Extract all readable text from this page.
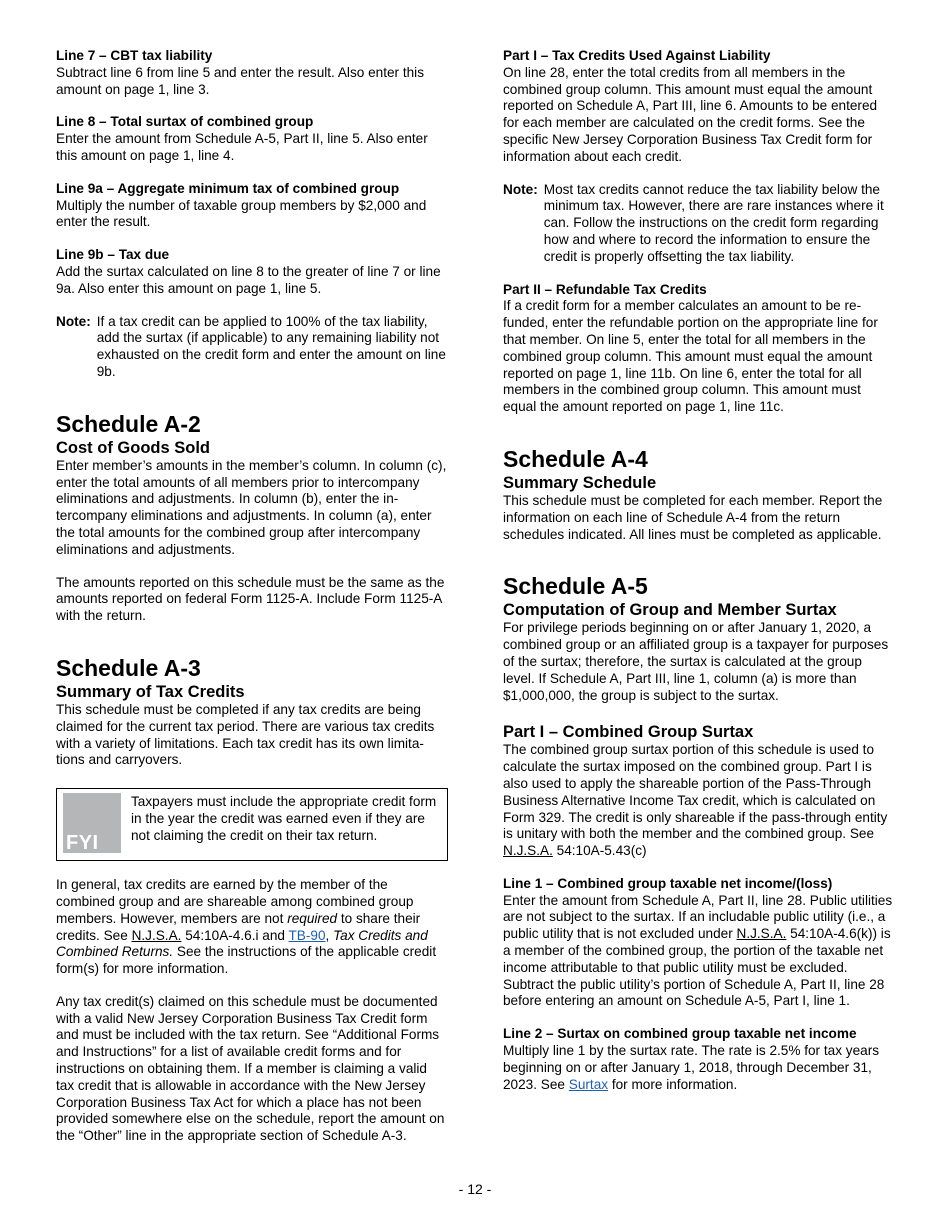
Line 7 – CBT tax liability

Subtract line 6 from line 5 and enter the result. Also enter this amount on page 1, line 3.

Line 8 – Total surtax of combined group

Enter the amount from Schedule A-5, Part II, line 5. Also enter this amount on page 1, line 4.

Line 9a – Aggregate minimum tax of combined group

Multiply the number of taxable group members by $2,000 and enter the result.

Line 9b – Tax due

Add the surtax calculated on line 8 to the greater of line 7 or line 9a. Also enter this amount on page 1, line 5.

Note: If a tax credit can be applied to 100% of the tax liability, add the surtax (if applicable) to any remaining liability not exhausted on the credit form and enter the amount on line 9b.
Schedule A-2
Cost of Goods Sold

Enter member’s amounts in the member’s column. In column (c), enter the total amounts of all members prior to intercompany eliminations and adjustments. In column (b), enter the intercompany eliminations and adjustments. In column (a), enter the total amounts for the combined group after intercompany eliminations and adjustments.

The amounts reported on this schedule must be the same as the amounts reported on federal Form 1125-A. Include Form 1125-A with the return.

Schedule A-3
Summary of Tax Credits

This schedule must be completed if any tax credits are being claimed for the current tax period. There are various tax credits with a variety of limitations. Each tax credit has its own limitations and carryovers.

FYI
Taxpayers must include the appropriate credit form in the year the credit was earned even if they are not claiming the credit on their tax return.

In general, tax credits are earned by the member of the combined group and are shareable among combined group members. However, members are not required to share their credits. See N.J.S.A. 54:10A-4.6.i and TB-90, Tax Credits and Combined Returns. See the instructions of the applicable credit form(s) for more information.

Any tax credit(s) claimed on this schedule must be documented with a valid New Jersey Corporation Business Tax Credit form and must be included with the tax return. See “Additional Forms and Instructions” for a list of available credit forms and for instructions on obtaining them. If a member is claiming a valid tax credit that is allowable in accordance with the New Jersey Corporation Business Tax Act for which a place has not been provided somewhere else on the schedule, report the amount on the “Other” line in the appropriate section of Schedule A-3.

Part I – Tax Credits Used Against Liability

On line 28, enter the total credits from all members in the combined group column. This amount must equal the amount reported on Schedule A, Part III, line 6. Amounts to be entered for each member are calculated on the credit forms. See the specific New Jersey Corporation Business Tax Credit form for information about each credit.

Note: Most tax credits cannot reduce the tax liability below the minimum tax. However, there are rare instances where it can. Follow the instructions on the credit form regarding how and where to record the information to ensure the credit is properly offsetting the tax liability.

Part II – Refundable Tax Credits

If a credit form for a member calculates an amount to be refunded, enter the refundable portion on the appropriate line for that member. On line 5, enter the total for all members in the combined group column. This amount must equal the amount reported on page 1, line 11b. On line 6, enter the total for all members in the combined group column. This amount must equal the amount reported on page 1, line 11c.

Schedule A-4
Summary Schedule

This schedule must be completed for each member. Report the information on each line of Schedule A-4 from the return schedules indicated. All lines must be completed as applicable.

Schedule A-5
Computation of Group and Member Surtax

For privilege periods beginning on or after January 1, 2020, a combined group or an affiliated group is a taxpayer for purposes of the surtax; therefore, the surtax is calculated at the group level. If Schedule A, Part III, line 1, column (a) is more than $1,000,000, the group is subject to the surtax.

Part I – Combined Group Surtax

The combined group surtax portion of this schedule is used to calculate the surtax imposed on the combined group. Part I is also used to apply the shareable portion of the Pass-Through Business Alternative Income Tax credit, which is calculated on Form 329. The credit is only shareable if the pass-through entity is unitary with both the member and the combined group. See N.J.S.A. 54:10A-5.43(c)

Line 1 – Combined group taxable net income/(loss)

Enter the amount from Schedule A, Part II, line 28. Public utilities are not subject to the surtax. If an includable public utility (i.e., a public utility that is not excluded under N.J.S.A. 54:10A-4.6(k)) is a member of the combined group, the portion of the taxable net income attributable to that public utility must be excluded. Subtract the public utility’s portion of Schedule A, Part II, line 28 before entering an amount on Schedule A-5, Part I, line 1.

Line 2 – Surtax on combined group taxable net income

Multiply line 1 by the surtax rate. The rate is 2.5% for tax years beginning on or after January 1, 2018, through December 31, 2023. See Surtax for more information.

- 12 -
